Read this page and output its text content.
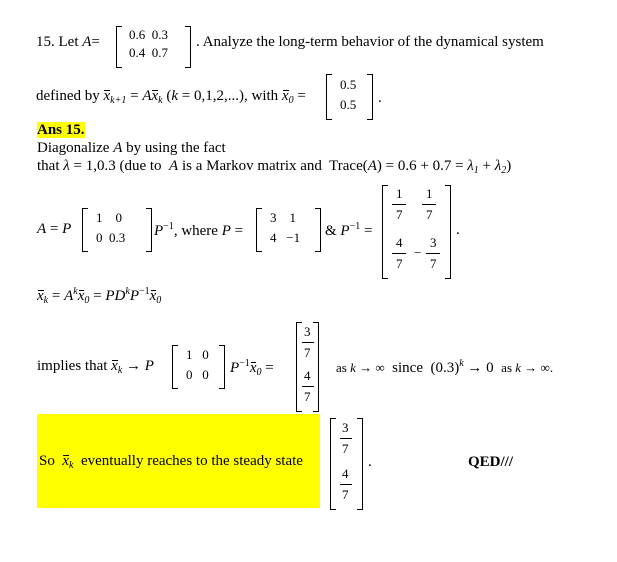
15. Let A= 0.6  0.3
0.4  0.7
. Analyze the long-term behavior of the dynamical system
defined by $x_{k+1} = Ax_k$ (k = 0,1,2,...), with $x_0$ =
0.5
0.5 .
Ans 15.
Diagonalize A by using the fact
that λ = 1,0.3 (due to  A is a Markov matrix and  Trace(A) = $0.6 + 0.7 = \lambda_1 + \lambda_2$)
A = P
1    0
0  0.3 $P^{-1}$, where P =
3    1
4   −1 & $P^{-1}$ =
1
7
1
7
4
7
−
3
7
.
$x_k = A^kx_0 = PD^kP^{-1}x_0$
implies that $x_k \to P$
1   0
0   0 $P^{-1}x_0$ =
3
7
4
7
as k → ∞  since  $(0.3)^k \to 0$  as k → ∞.
So  $x_k$  eventually reaches to the steady state
3
7
4
7
.	QED///
